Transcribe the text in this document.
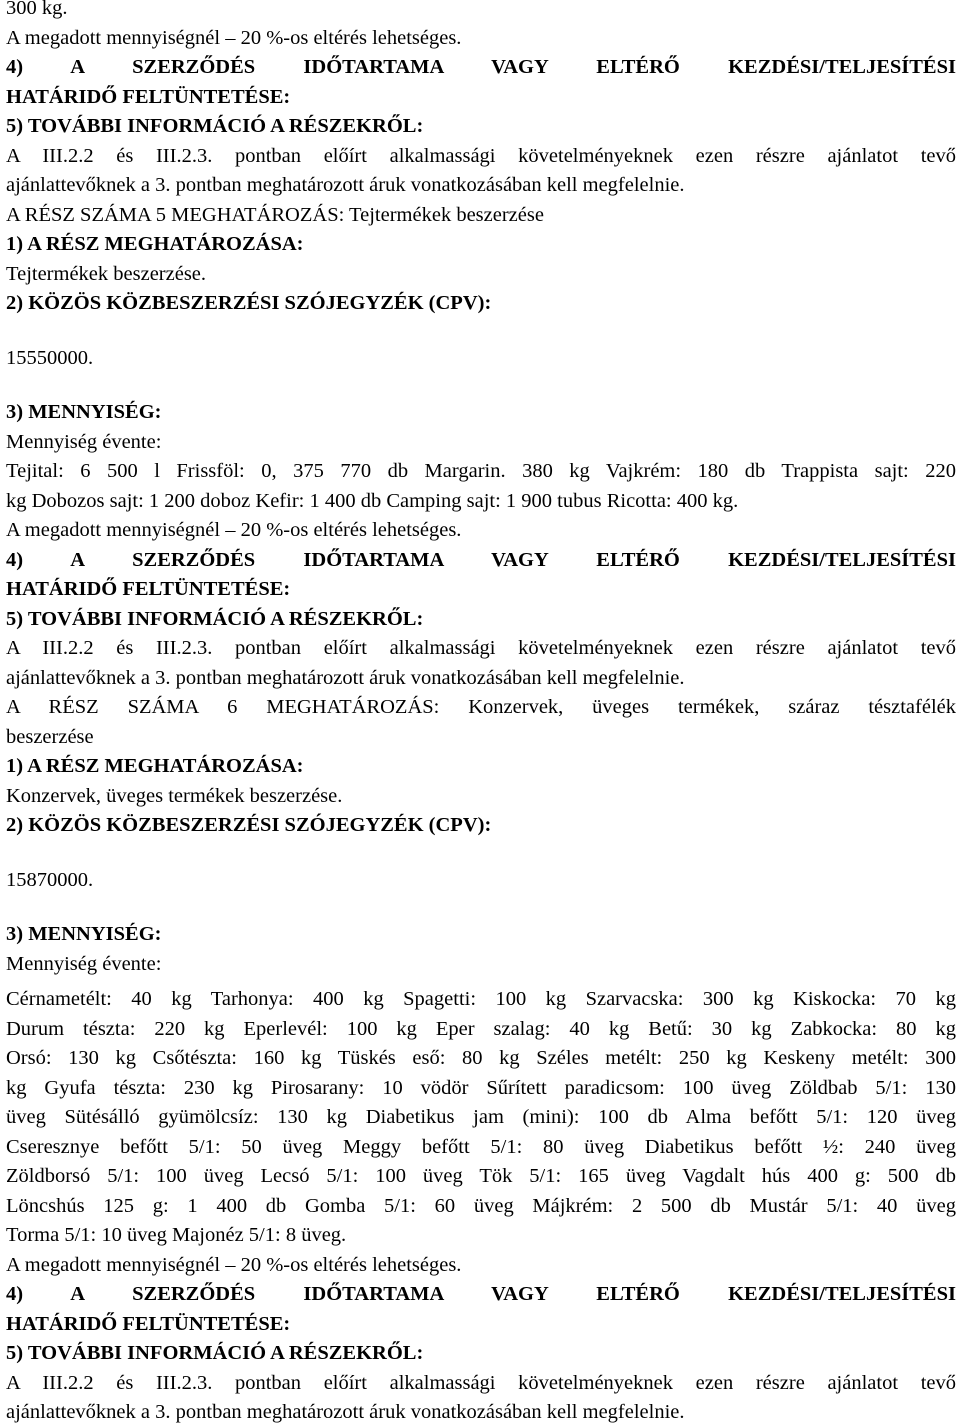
300 kg.
A megadott mennyiségnél – 20 %-os eltérés lehetséges.
4) A SZERZŐDÉS IDŐTARTAMA VAGY ELTÉRŐ KEZDÉSI/TELJESÍTÉSI
HATÁRIDŐ FELTÜNTETÉSE:
5) TOVÁBBI INFORMÁCIÓ A RÉSZEKRŐL:
A III.2.2 és III.2.3. pontban előírt alkalmassági követelményeknek ezen részre ajánlatot tevő
ajánlattevőknek a 3. pontban meghatározott áruk vonatkozásában kell megfelelnie.
A RÉSZ SZÁMA 5 MEGHATÁROZÁS: Tejtermékek beszerzése
1) A RÉSZ MEGHATÁROZÁSA:
Tejtermékek beszerzése.
2) KÖZÖS KÖZBESZERZÉSI SZÓJEGYZÉK (CPV):
15550000.
3) MENNYISÉG:
Mennyiség évente:
Tejital: 6 500 l Frissföl: 0, 375 770 db Margarin. 380 kg Vajkrém: 180 db Trappista sajt: 220
kg Dobozos sajt: 1 200 doboz Kefir: 1 400 db Camping sajt: 1 900 tubus Ricotta: 400 kg.
A megadott mennyiségnél – 20 %-os eltérés lehetséges.
4) A SZERZŐDÉS IDŐTARTAMA VAGY ELTÉRŐ KEZDÉSI/TELJESÍTÉSI
HATÁRIDŐ FELTÜNTETÉSE:
5) TOVÁBBI INFORMÁCIÓ A RÉSZEKRŐL:
A III.2.2 és III.2.3. pontban előírt alkalmassági követelményeknek ezen részre ajánlatot tevő
ajánlattevőknek a 3. pontban meghatározott áruk vonatkozásában kell megfelelnie.
A RÉSZ SZÁMA 6 MEGHATÁROZÁS: Konzervek, üveges termékek, száraz tésztafélék
beszerzése
1) A RÉSZ MEGHATÁROZÁSA:
Konzervek, üveges termékek beszerzése.
2) KÖZÖS KÖZBESZERZÉSI SZÓJEGYZÉK (CPV):
15870000.
3) MENNYISÉG:
Mennyiség évente:
Cérnametélt: 40 kg Tarhonya: 400 kg Spagetti: 100 kg Szarvacska: 300 kg Kiskocka: 70 kg
Durum tészta: 220 kg Eperlevél: 100 kg Eper szalag: 40 kg Betű: 30 kg Zabkocka: 80 kg
Orsó: 130 kg Csőtészta: 160 kg Tüskés eső: 80 kg Széles metélt: 250 kg Keskeny metélt: 300
kg Gyufa tészta: 230 kg Pirosarany: 10 vödör Sűrített paradicsom: 100 üveg Zöldbab 5/1: 130
üveg Sütésálló gyümölcsíz: 130 kg Diabetikus jam (mini): 100 db Alma befőtt 5/1: 120 üveg
Cseresznye befőtt 5/1: 50 üveg Meggy befőtt 5/1: 80 üveg Diabetikus befőtt ½: 240 üveg
Zöldborsó 5/1: 100 üveg Lecsó 5/1: 100 üveg Tök 5/1: 165 üveg Vagdalt hús 400 g: 500 db
Löncshús 125 g: 1 400 db Gomba 5/1: 60 üveg Májkrém: 2 500 db Mustár 5/1: 40 üveg
Torma 5/1: 10 üveg Majonéz 5/1: 8 üveg.
A megadott mennyiségnél – 20 %-os eltérés lehetséges.
4) A SZERZŐDÉS IDŐTARTAMA VAGY ELTÉRŐ KEZDÉSI/TELJESÍTÉSI
HATÁRIDŐ FELTÜNTETÉSE:
5) TOVÁBBI INFORMÁCIÓ A RÉSZEKRŐL:
A III.2.2 és III.2.3. pontban előírt alkalmassági követelményeknek ezen részre ajánlatot tevő
ajánlattevőknek a 3. pontban meghatározott áruk vonatkozásában kell megfelelnie.
